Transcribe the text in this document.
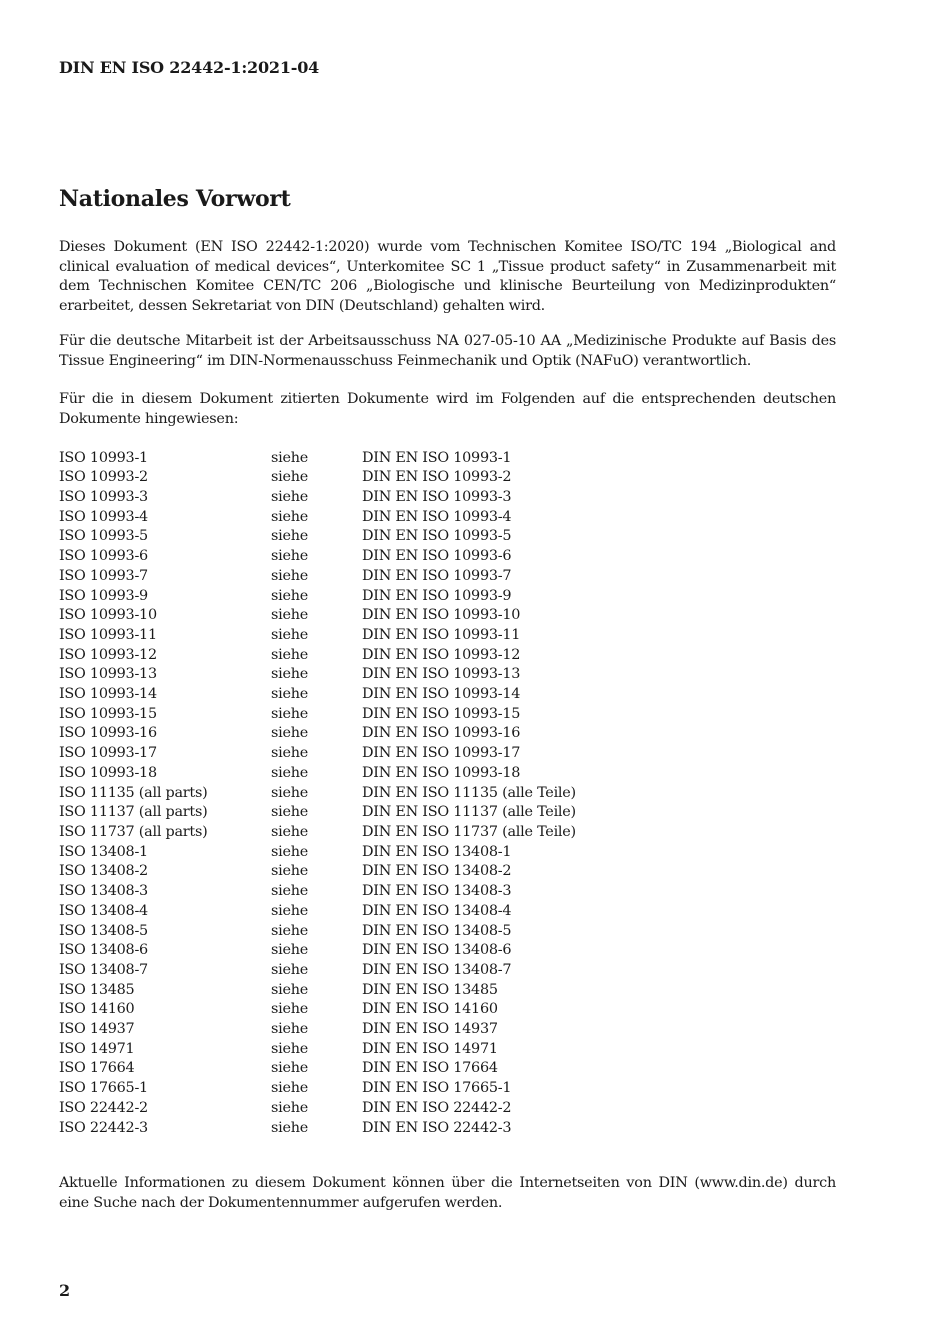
DIN EN ISO 22442-1:2021-04
Nationales Vorwort

Dieses Dokument (EN ISO 22442-1:2020) wurde vom Technischen Komitee ISO/TC 194 „Biological and clinical evaluation of medical devices“, Unterkomitee SC 1 „Tissue product safety“ in Zusammenarbeit mit dem Technischen Komitee CEN/TC 206 „Biologische und klinische Beurteilung von Medizinprodukten“ erarbeitet, dessen Sekretariat von DIN (Deutschland) gehalten wird.

Für die deutsche Mitarbeit ist der Arbeitsausschuss NA 027-05-10 AA „Medizinische Produkte auf Basis des Tissue Engineering“ im DIN-Normenausschuss Feinmechanik und Optik (NAFuO) verantwortlich.

Für die in diesem Dokument zitierten Dokumente wird im Folgenden auf die entsprechenden deutschen Dokumente hingewiesen:

ISO 10993-1	siehe	DIN EN ISO 10993-1
ISO 10993-2	siehe	DIN EN ISO 10993-2
ISO 10993-3	siehe	DIN EN ISO 10993-3
ISO 10993-4	siehe	DIN EN ISO 10993-4
ISO 10993-5	siehe	DIN EN ISO 10993-5
ISO 10993-6	siehe	DIN EN ISO 10993-6
ISO 10993-7	siehe	DIN EN ISO 10993-7
ISO 10993-9	siehe	DIN EN ISO 10993-9
ISO 10993-10	siehe	DIN EN ISO 10993-10
ISO 10993-11	siehe	DIN EN ISO 10993-11
ISO 10993-12	siehe	DIN EN ISO 10993-12
ISO 10993-13	siehe	DIN EN ISO 10993-13
ISO 10993-14	siehe	DIN EN ISO 10993-14
ISO 10993-15	siehe	DIN EN ISO 10993-15
ISO 10993-16	siehe	DIN EN ISO 10993-16
ISO 10993-17	siehe	DIN EN ISO 10993-17
ISO 10993-18	siehe	DIN EN ISO 10993-18
ISO 11135 (all parts)	siehe	DIN EN ISO 11135 (alle Teile)
ISO 11137 (all parts)	siehe	DIN EN ISO 11137 (alle Teile)
ISO 11737 (all parts)	siehe	DIN EN ISO 11737 (alle Teile)
ISO 13408-1	siehe	DIN EN ISO 13408-1
ISO 13408-2	siehe	DIN EN ISO 13408-2
ISO 13408-3	siehe	DIN EN ISO 13408-3
ISO 13408-4	siehe	DIN EN ISO 13408-4
ISO 13408-5	siehe	DIN EN ISO 13408-5
ISO 13408-6	siehe	DIN EN ISO 13408-6
ISO 13408-7	siehe	DIN EN ISO 13408-7
ISO 13485	siehe	DIN EN ISO 13485
ISO 14160	siehe	DIN EN ISO 14160
ISO 14937	siehe	DIN EN ISO 14937
ISO 14971	siehe	DIN EN ISO 14971
ISO 17664	siehe	DIN EN ISO 17664
ISO 17665-1	siehe	DIN EN ISO 17665-1
ISO 22442-2	siehe	DIN EN ISO 22442-2
ISO 22442-3	siehe	DIN EN ISO 22442-3

Aktuelle Informationen zu diesem Dokument können über die Internetseiten von DIN (www.din.de) durch eine Suche nach der Dokumentennummer aufgerufen werden.

2
